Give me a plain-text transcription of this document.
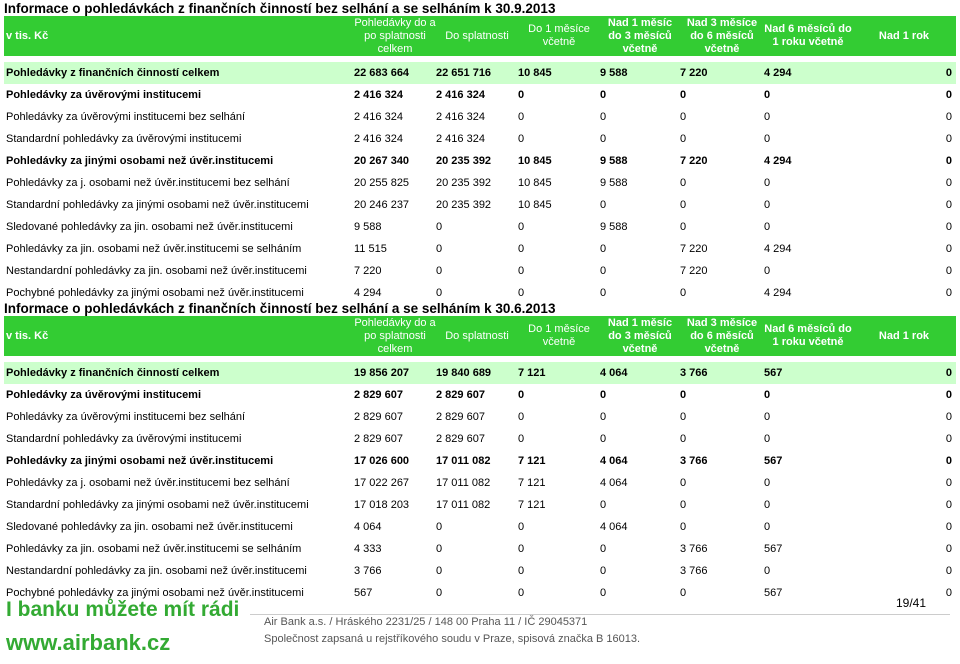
Informace o pohledávkách z finančních činností bez selhání a se selháním k 30.9.2013
v tis. Kč	Pohledávky do a po splatnosti celkem	Do splatnosti	Do 1 měsíce včetně	Nad 1 měsíc do 3 měsíců včetně	Nad 3 měsíce do 6 měsíců včetně	Nad 6 měsíců do 1 roku včetně	Nad 1 rok

Pohledávky z finančních činností celkem	22 683 664	22 651 716	10 845	9 588	7 220	4 294	0
Pohledávky za úvěrovými institucemi	2 416 324	2 416 324	0	0	0	0	0
Pohledávky za úvěrovými institucemi bez selhání	2 416 324	2 416 324	0	0	0	0	0
Standardní pohledávky za úvěrovými institucemi	2 416 324	2 416 324	0	0	0	0	0
Pohledávky za jinými osobami než úvěr.institucemi	20 267 340	20 235 392	10 845	9 588	7 220	4 294	0
Pohledávky za j. osobami než úvěr.institucemi bez selhání	20 255 825	20 235 392	10 845	9 588	0	0	0
Standardní pohledávky za jinými osobami než úvěr.institucemi	20 246 237	20 235 392	10 845	0	0	0	0
Sledované pohledávky za jin. osobami než úvěr.institucemi	9 588	0	0	9 588	0	0	0
Pohledávky za jin. osobami než úvěr.institucemi se selháním	11 515	0	0	0	7 220	4 294	0
Nestandardní pohledávky za jin. osobami než úvěr.institucemi	7 220	0	0	0	7 220	0	0
Pochybné pohledávky za jinými osobami než úvěr.institucemi	4 294	0	0	0	0	4 294	0
Informace o pohledávkách z finančních činností bez selhání a se selháním k 30.6.2013
v tis. Kč	Pohledávky do a po splatnosti celkem	Do splatnosti	Do 1 měsíce včetně	Nad 1 měsíc do 3 měsíců včetně	Nad 3 měsíce do 6 měsíců včetně	Nad 6 měsíců do 1 roku včetně	Nad 1 rok

Pohledávky z finančních činností celkem	19 856 207	19 840 689	7 121	4 064	3 766	567	0
Pohledávky za úvěrovými institucemi	2 829 607	2 829 607	0	0	0	0	0
Pohledávky za úvěrovými institucemi bez selhání	2 829 607	2 829 607	0	0	0	0	0
Standardní pohledávky za úvěrovými institucemi	2 829 607	2 829 607	0	0	0	0	0
Pohledávky za jinými osobami než úvěr.institucemi	17 026 600	17 011 082	7 121	4 064	3 766	567	0
Pohledávky za j. osobami než úvěr.institucemi bez selhání	17 022 267	17 011 082	7 121	4 064	0	0	0
Standardní pohledávky za jinými osobami než úvěr.institucemi	17 018 203	17 011 082	7 121	0	0	0	0
Sledované pohledávky za jin. osobami než úvěr.institucemi	4 064	0	0	4 064	0	0	0
Pohledávky za jin. osobami než úvěr.institucemi se selháním	4 333	0	0	0	3 766	567	0
Nestandardní pohledávky za jin. osobami než úvěr.institucemi	3 766	0	0	0	3 766	0	0
Pochybné pohledávky za jinými osobami než úvěr.institucemi	567	0	0	0	0	567	0
I banku můžete mít rádi
www.airbank.cz
19/41
Air Bank a.s. / Hráského 2231/25 / 148 00 Praha 11 / IČ 29045371
Společnost zapsaná u rejstříkového soudu v Praze, spisová značka B 16013.
